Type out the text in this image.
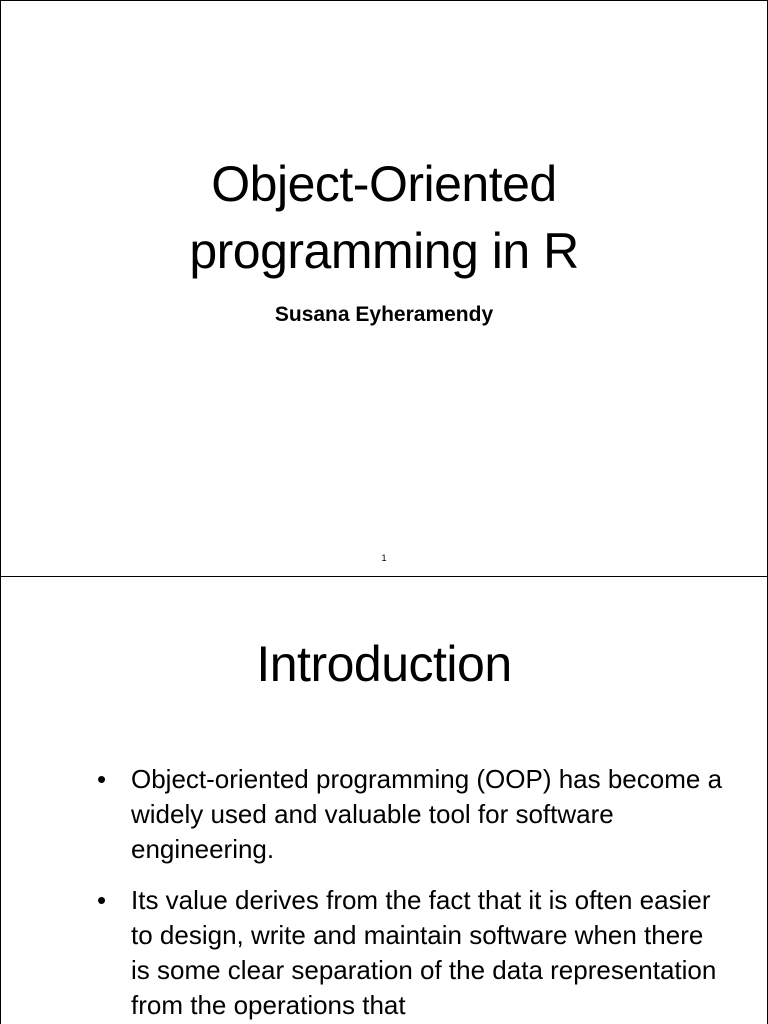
Object-Oriented
programming in R
Susana Eyheramendy
1
Introduction
• Object-oriented programming (OOP) has become a widely used and valuable tool for software engineering.
• Its value derives from the fact that it is often easier to design, write and maintain software when there is some clear separation of the data representation from the operations that
